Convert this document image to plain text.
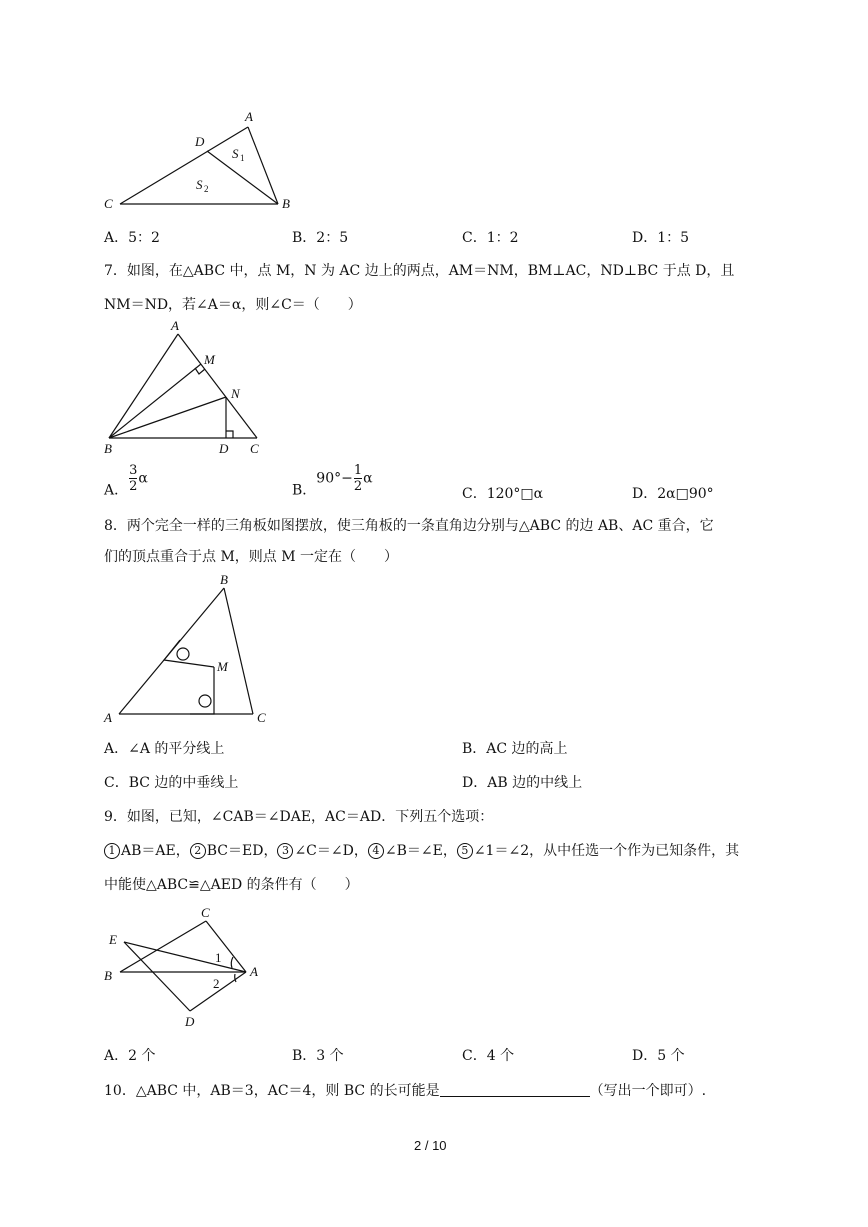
A
B
C
D
S 1
S 2
A．5：2	B．2：5	C．1：2	D．1：5
7．如图，在△ABC 中，点 M，N 为 AC 边上的两点，AM＝NM，BM⊥AC，ND⊥BC 于点 D，且
NM＝ND，若∠A＝α，则∠C＝（　　）
A
B	C
D
M
N
A． $\frac{3}{2}$ α
B．$90^\circ- \frac{1}{2}$ α
C．120°□α	D．2α□90°
8．两个完全一样的三角板如图摆放，使三角板的一条直角边分别与△ABC 的边 AB、AC 重合，它
们的顶点重合于点 M，则点 M 一定在（　　）
A
B
C
M
A．∠A 的平分线上	B．AC 边的高上
C．BC 边的中垂线上	D．AB 边的中线上
9．如图，已知，∠CAB＝∠DAE，AC＝AD．下列五个选项：
1 AB＝AE， 2 BC＝ED， 3 ∠C＝∠D， 4 ∠B＝∠E， 5 ∠1＝∠2，从中任选一个作为已知条件，其
中能使△ABC≌△AED 的条件有（　　）
C
E
B	A
D
1
2
A．2 个	B．3 个	C．4 个	D．5 个
10．△ABC 中，AB＝3，AC＝4，则 BC 的长可能是	（写出一个即可）.
2 / 10
